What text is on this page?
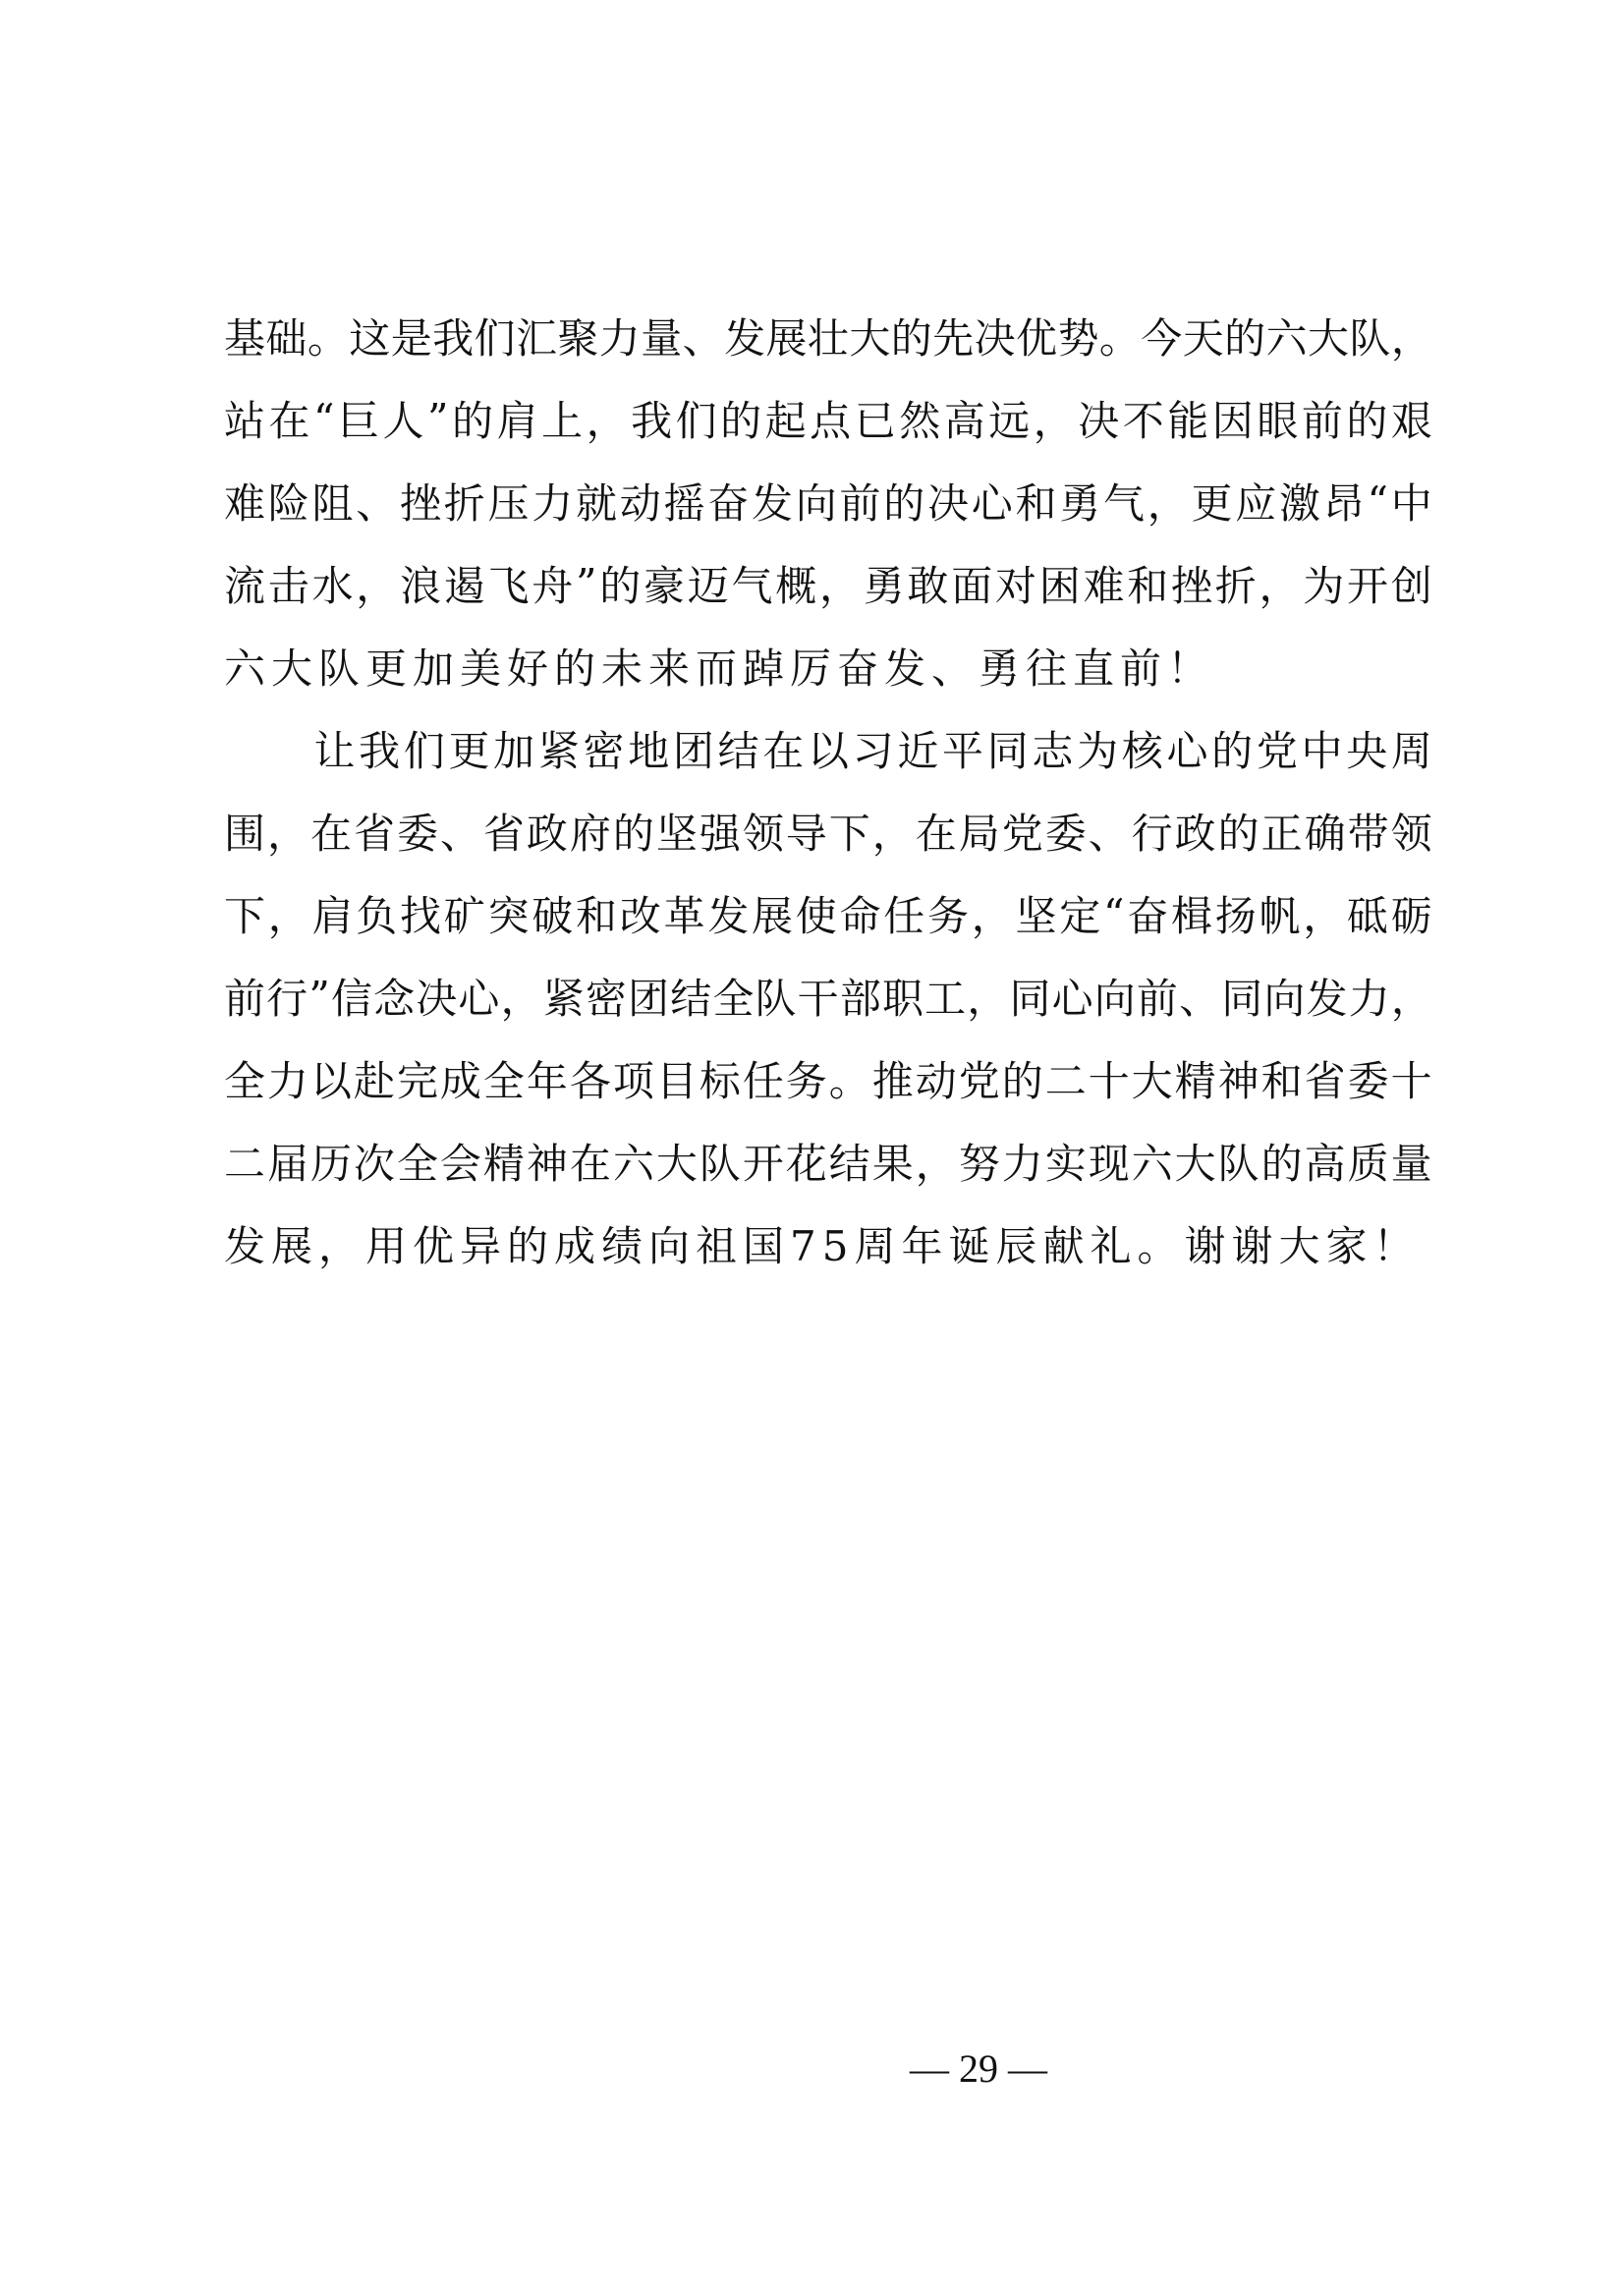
基 础 。 这 是 我 们 汇 聚 力 量 、 发 展 壮 大 的 先 决 优 势 。 今 天 的 六 大 队 ，
站 在 “ 巨 人 ” 的 肩 上 ， 我 们 的 起 点 已 然 高 远 ， 决 不 能 因 眼 前 的 艰
难 险 阻 、 挫 折 压 力 就 动 摇 奋 发 向 前 的 决 心 和 勇 气 ， 更 应 激 昂 “ 中
流 击 水 ， 浪 遏 飞 舟 ” 的 豪 迈 气 概 ， 勇 敢 面 对 困 难 和 挫 折 ， 为 开 创
六大队更加美好的未来而踔厉奋发、勇往直前！

让 我 们 更 加 紧 密 地 团 结 在 以 习 近 平 同 志 为 核 心 的 党 中 央 周
围 ， 在 省 委 、 省 政 府 的 坚 强 领 导 下 ， 在 局 党 委 、 行 政 的 正 确 带 领
下 ， 肩 负 找 矿 突 破 和 改 革 发 展 使 命 任 务 ， 坚 定 “ 奋 楫 扬 帆 ， 砥 砺
前 行 ” 信 念 决 心 ， 紧 密 团 结 全 队 干 部 职 工 ， 同 心 向 前 、 同 向 发 力 ，
全 力 以 赴 完 成 全 年 各 项 目 标 任 务 。 推 动 党 的 二 十 大 精 神 和 省 委 十
二 届 历 次 全 会 精 神 在 六 大 队 开 花 结 果 ， 努 力 实 现 六 大 队 的 高 质 量
发展，用优异的成绩向祖国75周年诞辰献礼。谢谢大家！
— 29 —
